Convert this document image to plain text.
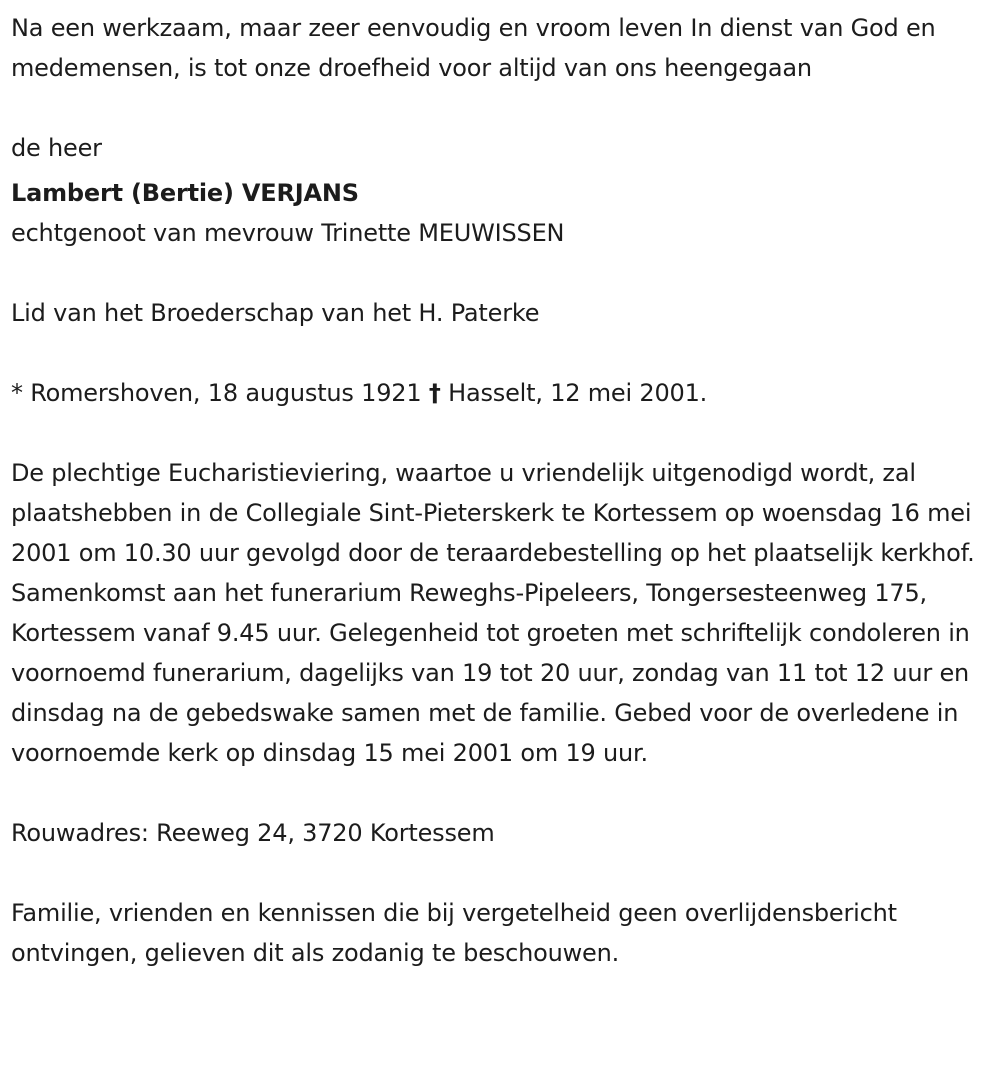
Na een werkzaam, maar zeer eenvoudig en vroom leven In dienst van God en medemensen, is tot onze droefheid voor altijd van ons heengegaan

de heer

Lambert (Bertie) VERJANS

echtgenoot van mevrouw Trinette MEUWISSEN

Lid van het Broederschap van het H. Paterke

* Romershoven, 18 augustus 1921 † Hasselt, 12 mei 2001.

De plechtige Eucharistieviering, waartoe u vriendelijk uitgenodigd wordt, zal plaatshebben in de Collegiale Sint-Pieterskerk te Kortessem op woensdag 16 mei 2001 om 10.30 uur gevolgd door de teraardebestelling op het plaatselijk kerkhof. Samenkomst aan het funerarium Reweghs-Pipeleers, Tongersesteenweg 175, Kortessem vanaf 9.45 uur. Gelegenheid tot groeten met schriftelijk condoleren in voornoemd funerarium, dagelijks van 19 tot 20 uur, zondag van 11 tot 12 uur en dinsdag na de gebedswake samen met de familie. Gebed voor de overledene in voornoemde kerk op dinsdag 15 mei 2001 om 19 uur.

Rouwadres: Reeweg 24, 3720 Kortessem

Familie, vrienden en kennissen die bij vergetelheid geen overlijdensbericht ontvingen, gelieven dit als zodanig te beschouwen.
